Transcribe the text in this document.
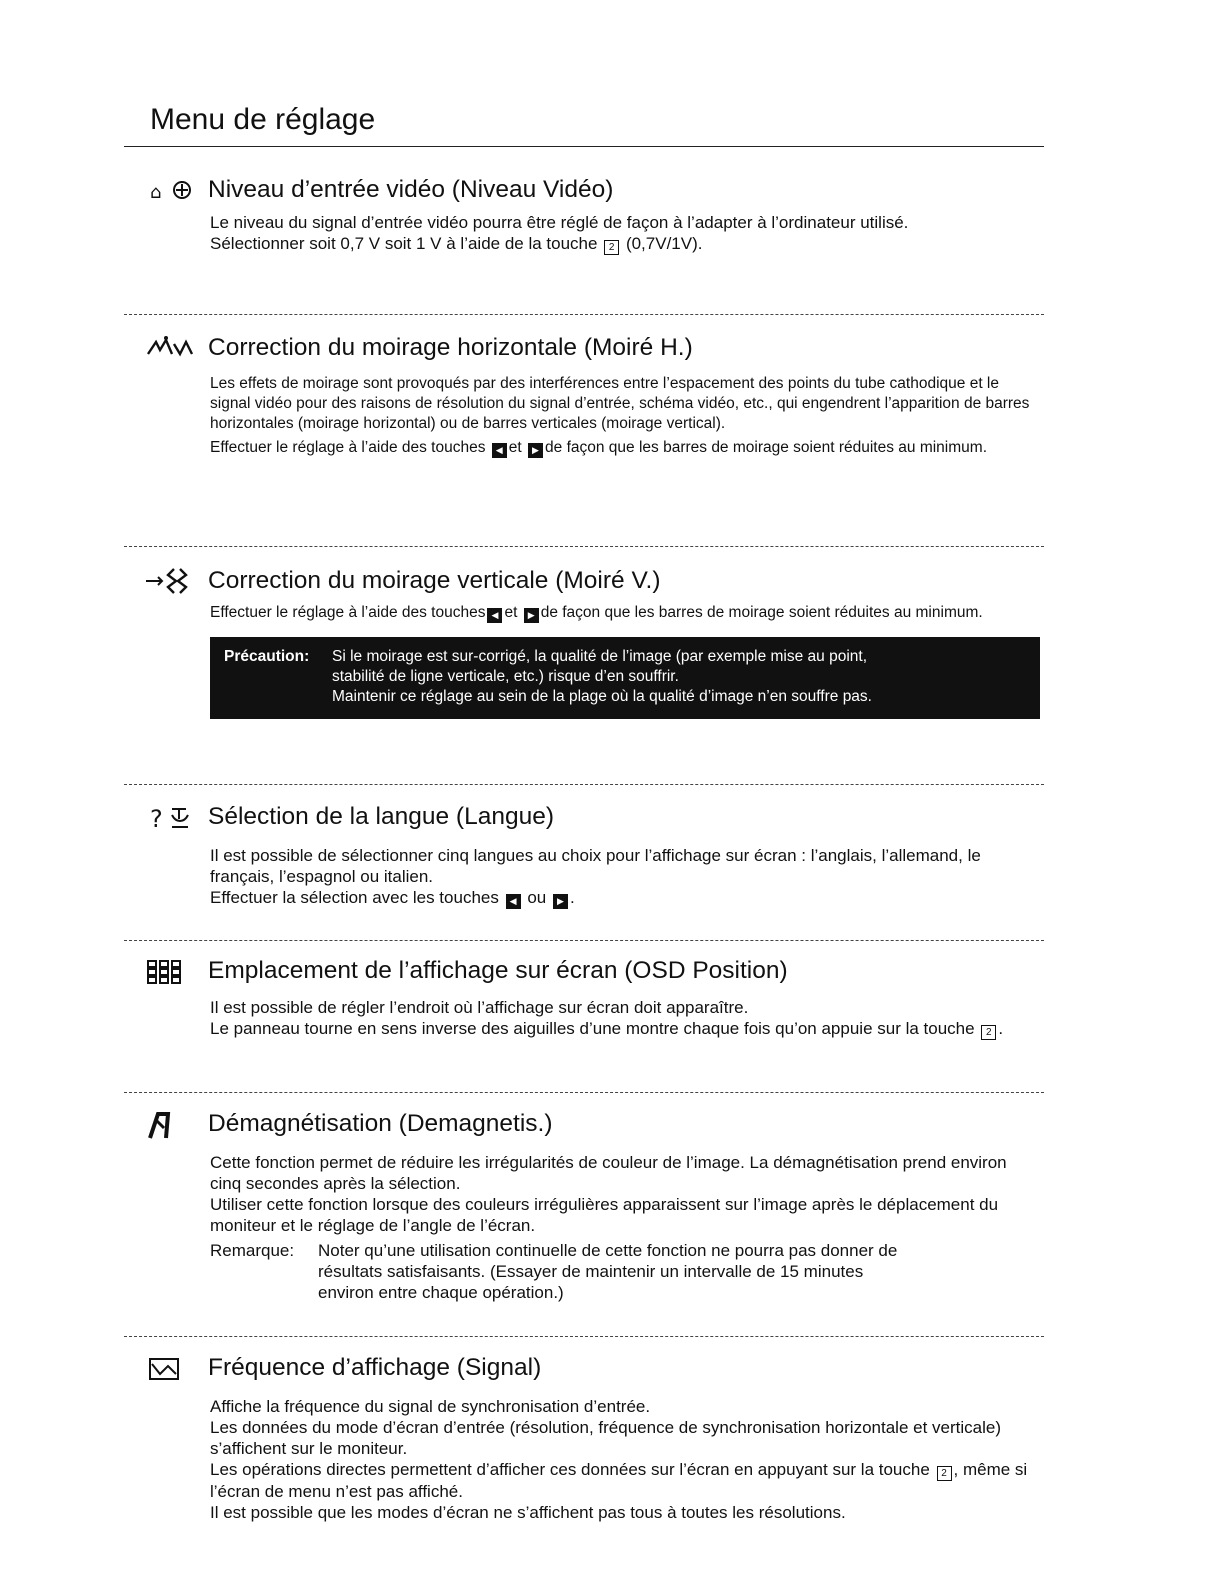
Menu de réglage
⌂ Niveau d’entrée vidéo (Niveau Vidéo)

Le niveau du signal d’entrée vidéo pourra être réglé de façon à l’adapter à l’ordinateur utilisé.

Sélectionner soit 0,7 V soit 1 V à l’aide de la touche 2 (0,7V/1V).

Correction du moirage horizontale (Moiré H.)

Les effets de moirage sont provoqués par des interférences entre l’espacement des points du tube cathodique et le signal vidéo pour des raisons de résolution du signal d’entrée, schéma vidéo, etc., qui engendrent l’apparition de barres horizontales (moirage horizontal) ou de barres verticales (moirage vertical).

Effectuer le réglage à l’aide des touches ◀ et ▶ de façon que les barres de moirage soient réduites au minimum.

Correction du moirage verticale (Moiré V.)

Effectuer le réglage à l’aide des touches ◀ et ▶ de façon que les barres de moirage soient réduites au minimum.

Précaution: Si le moirage est sur-corrigé, la qualité de l’image (par exemple mise au point,
stabilité de ligne verticale, etc.) risque d’en souffrir.
Maintenir ce réglage au sein de la plage où la qualité d’image n’en souffre pas.
? Sélection de la langue (Langue)

Il est possible de sélectionner cinq langues au choix pour l’affichage sur écran : l’anglais, l’allemand, le français, l’espagnol ou italien.

Effectuer la sélection avec les touches ◀ ou ▶ .

Emplacement de l’affichage sur écran (OSD Position)

Il est possible de régler l’endroit où l’affichage sur écran doit apparaître.

Le panneau tourne en sens inverse des aiguilles d’une montre chaque fois qu’on appuie sur la touche 2 .

Démagnétisation (Demagnetis.)

Cette fonction permet de réduire les irrégularités de couleur de l’image. La démagnétisation prend environ cinq secondes après la sélection.

Utiliser cette fonction lorsque des couleurs irrégulières apparaissent sur l’image après le déplacement du moniteur et le réglage de l’angle de l’écran.

Remarque: Noter qu’une utilisation continuelle de cette fonction ne pourra pas donner de
résultats satisfaisants. (Essayer de maintenir un intervalle de 15 minutes
environ entre chaque opération.)
Fréquence d’affichage (Signal)

Affiche la fréquence du signal de synchronisation d’entrée.

Les données du mode d’écran d’entrée (résolution, fréquence de synchronisation horizontale et verticale) s’affichent sur le moniteur.

Les opérations directes permettent d’afficher ces données sur l’écran en appuyant sur la touche 2 , même si l’écran de menu n’est pas affiché.

Il est possible que les modes d’écran ne s’affichent pas tous à toutes les résolutions.
